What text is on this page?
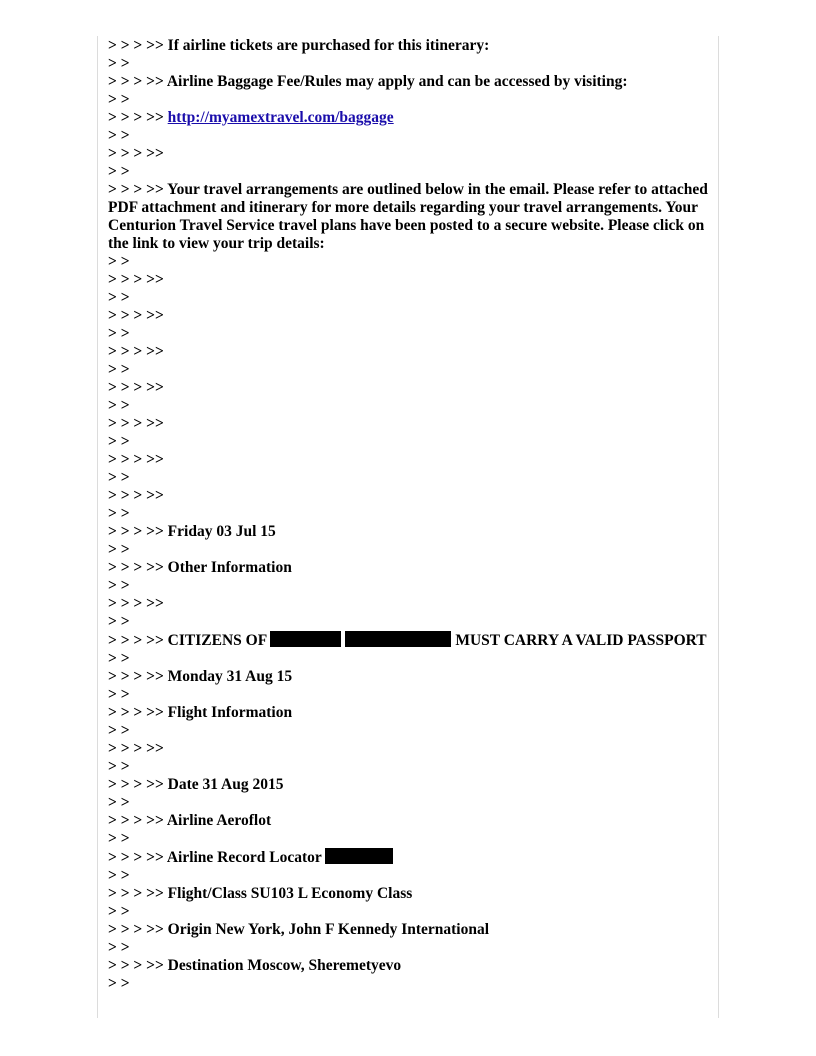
> > > >> If airline tickets are purchased for this itinerary:
> >
> > > >> Airline Baggage Fee/Rules may apply and can be accessed by visiting:
> >
> > > >> http://myamextravel.com/baggage
> >
> > > >>
> >
> > > >> Your travel arrangements are outlined below in the email. Please refer to attached PDF attachment and itinerary for more details regarding your travel arrangements. Your Centurion Travel Service travel plans have been posted to a secure website. Please click on the link to view your trip details:
> >
> > > >>
> >
> > > >>
> >
> > > >>
> >
> > > >>
> >
> > > >>
> >
> > > >>
> >
> > > >>
> >
> > > >> Friday 03 Jul 15
> >
> > > >> Other Information
> >
> > > >>
> >
> > > >> CITIZENS OF	MUST CARRY A VALID PASSPORT
> >
> > > >> Monday 31 Aug 15
> >
> > > >> Flight Information
> >
> > > >>
> >
> > > >> Date 31 Aug 2015
> >
> > > >> Airline Aeroflot
> >
> > > >> Airline Record Locator
> >
> > > >> Flight/Class SU103 L Economy Class
> >
> > > >> Origin New York, John F Kennedy International
> >
> > > >> Destination Moscow, Sheremetyevo
> >
